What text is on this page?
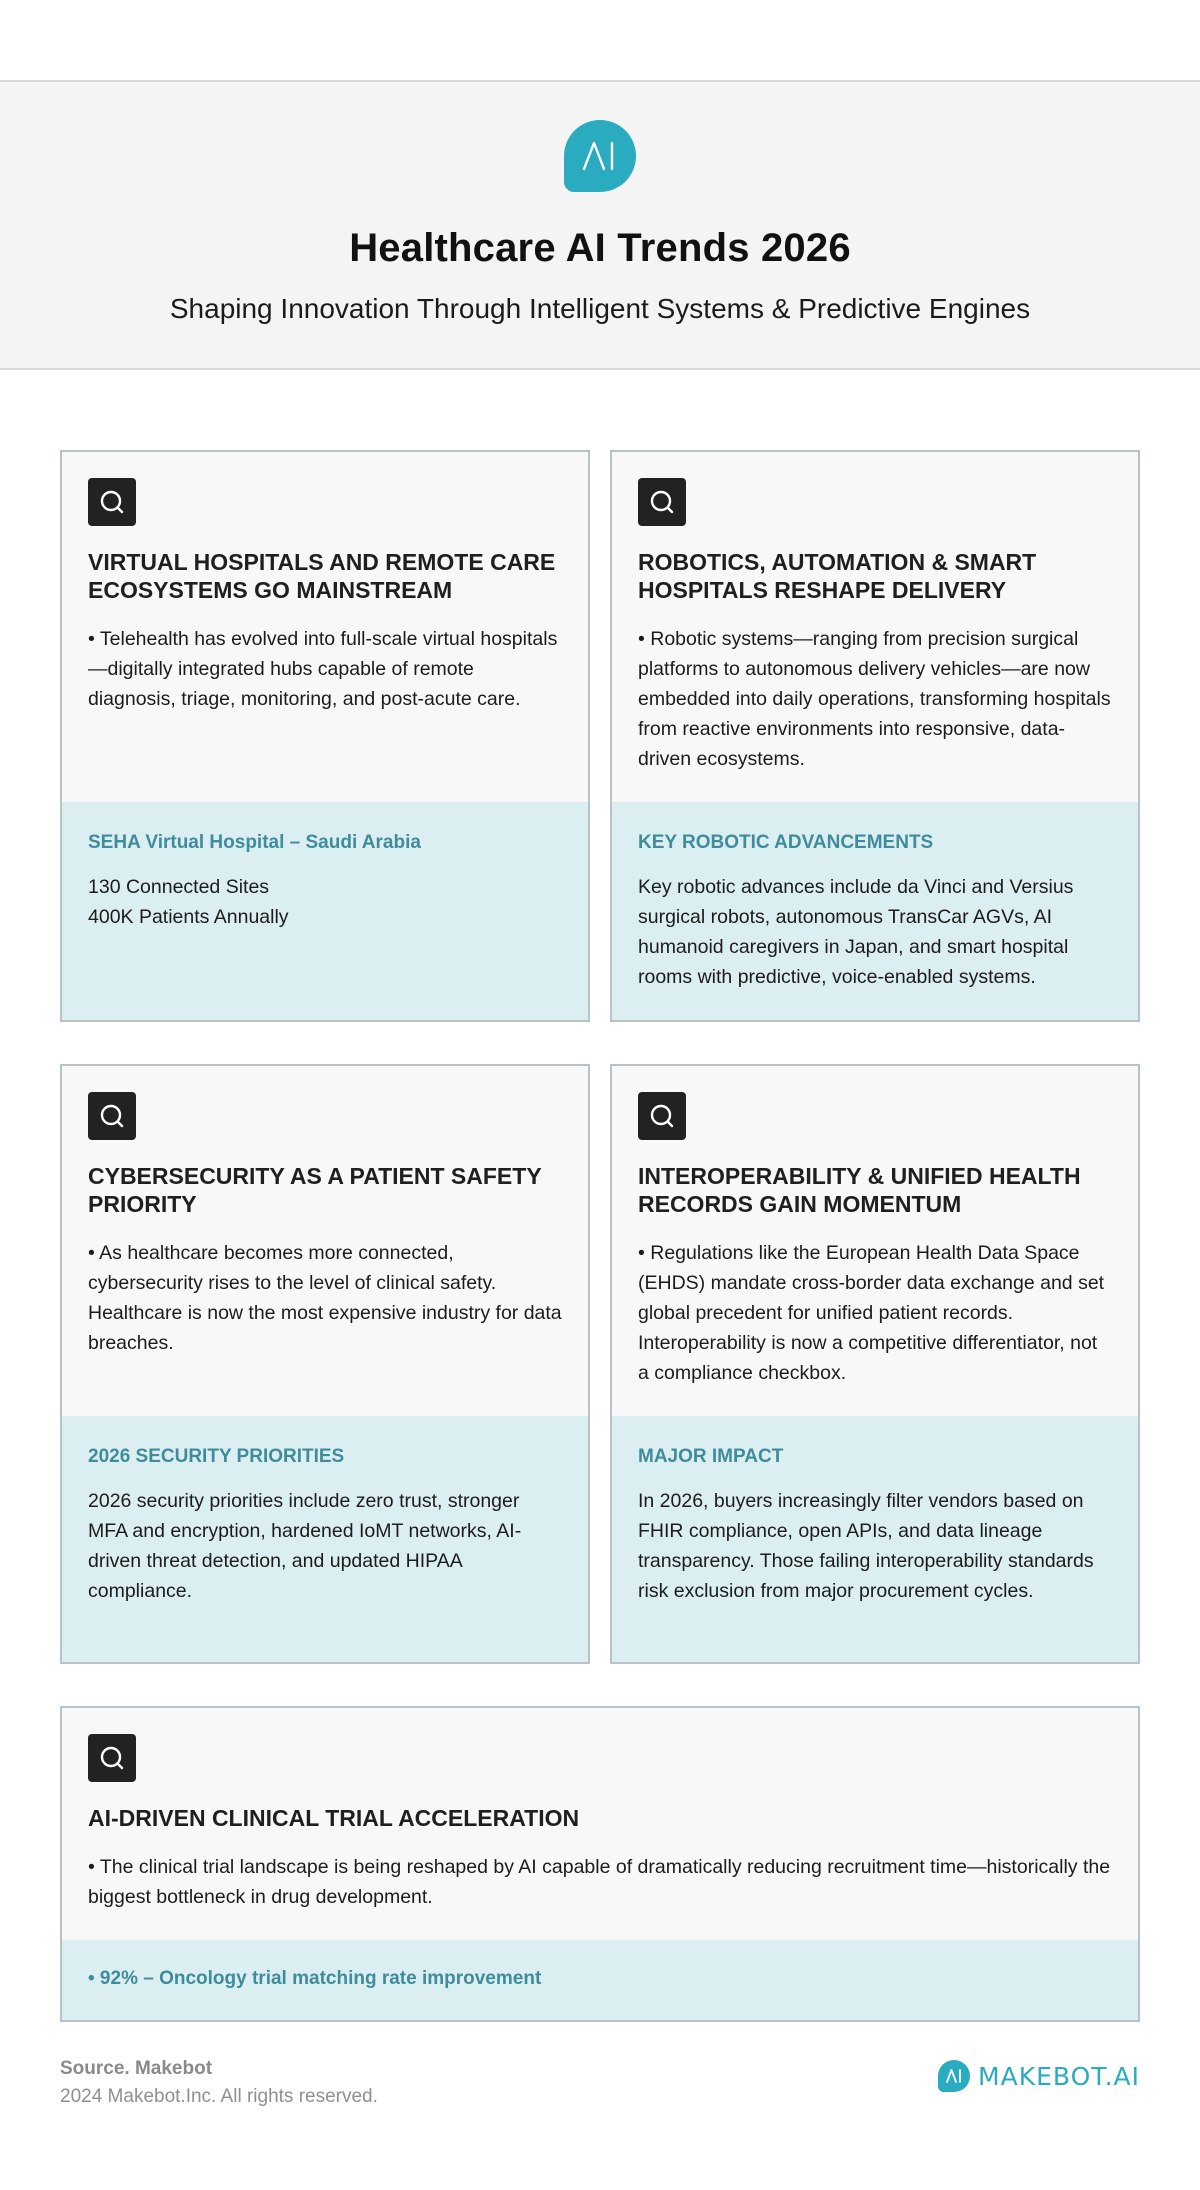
Healthcare AI Trends 2026

Shaping Innovation Through Intelligent Systems & Predictive Engines

VIRTUAL HOSPITALS AND REMOTE CARE ECOSYSTEMS GO MAINSTREAM

• Telehealth has evolved into full-scale virtual hospitals—digitally integrated hubs capable of remote diagnosis, triage, monitoring, and post-acute care.

SEHA Virtual Hospital – Saudi Arabia
130 Connected Sites
400K Patients Annually
ROBOTICS, AUTOMATION & SMART HOSPITALS RESHAPE DELIVERY

• Robotic systems—ranging from precision surgical platforms to autonomous delivery vehicles—are now embedded into daily operations, transforming hospitals from reactive environments into responsive, data-driven ecosystems.

KEY ROBOTIC ADVANCEMENTS

Key robotic advances include da Vinci and Versius surgical robots, autonomous TransCar AGVs, AI humanoid caregivers in Japan, and smart hospital rooms with predictive, voice-enabled systems.

CYBERSECURITY AS A PATIENT SAFETY PRIORITY

• As healthcare becomes more connected, cybersecurity rises to the level of clinical safety. Healthcare is now the most expensive industry for data breaches.

2026 SECURITY PRIORITIES

2026 security priorities include zero trust, stronger MFA and encryption, hardened IoMT networks, AI-driven threat detection, and updated HIPAA compliance.

INTEROPERABILITY & UNIFIED HEALTH RECORDS GAIN MOMENTUM

• Regulations like the European Health Data Space (EHDS) mandate cross-border data exchange and set global precedent for unified patient records. Interoperability is now a competitive differentiator, not a compliance checkbox.

MAJOR IMPACT

In 2026, buyers increasingly filter vendors based on FHIR compliance, open APIs, and data lineage transparency. Those failing interoperability standards risk exclusion from major procurement cycles.

AI-DRIVEN CLINICAL TRIAL ACCELERATION

• The clinical trial landscape is being reshaped by AI capable of dramatically reducing recruitment time—historically the biggest bottleneck in drug development.

• 92% – Oncology trial matching rate improvement
Source. Makebot
2024 Makebot.Inc. All rights reserved.
MAKEBOT.AI
